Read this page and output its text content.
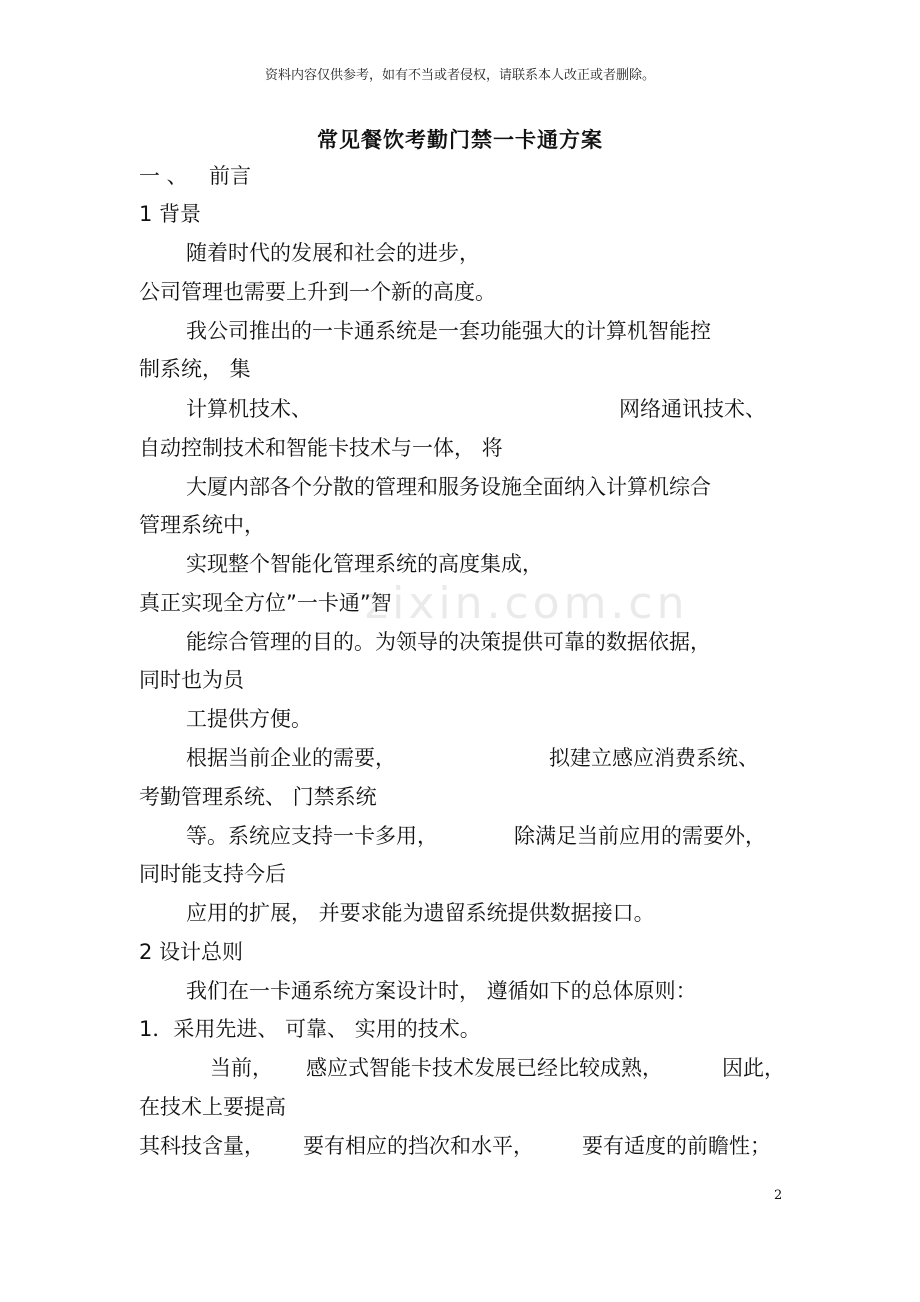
资料内容仅供参考，如有不当或者侵权，请联系本人改正或者删除。
常见餐饮考勤门禁一卡通方案
一 、 前言
1 背景
随着时代的发展和社会的进步，
公司管理也需要上升到一个新的高度。
我公司推出的一卡通系统是一套功能强大的计算机智能控
制系统， 集
计算机技术、	网络通讯技术、
自动控制技术和智能卡技术与一体， 将
大厦内部各个分散的管理和服务设施全面纳入计算机综合
管理系统中，
实现整个智能化管理系统的高度集成，
真正实现全方位”一卡通”智
能综合管理的目的。为领导的决策提供可靠的数据依据，
同时也为员
工提供方便。
根据当前企业的需要，	拟建立感应消费系统、
考勤管理系统、 门禁系统
等。系统应支持一卡多用，	除满足当前应用的需要外，
同时能支持今后
应用的扩展， 并要求能为遗留系统提供数据接口。
2 设计总则
我们在一卡通系统方案设计时， 遵循如下的总体原则：
1．采用先进、 可靠、 实用的技术。
当前， 感应式智能卡技术发展已经比较成熟，	因此，
在技术上要提高
其科技含量， 要有相应的挡次和水平， 要有适度的前瞻性；
zixin.com.cn
2
